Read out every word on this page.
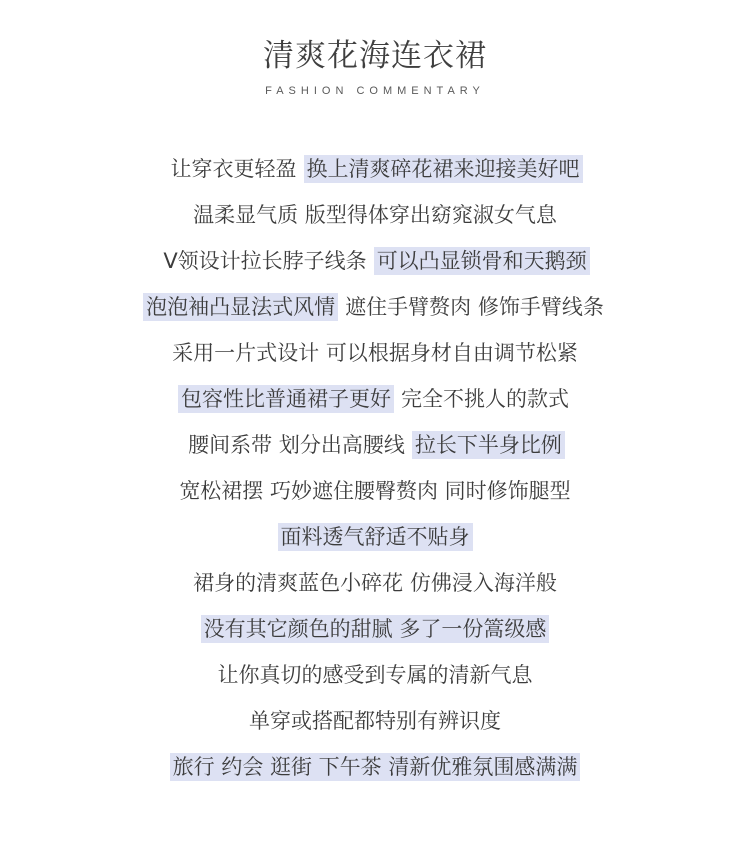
清爽花海连衣裙
FASHION COMMENTARY
让穿衣更轻盈 换上清爽碎花裙来迎接美好吧
温柔显气质 版型得体穿出窈窕淑女气息
V领设计拉长脖子线条 可以凸显锁骨和天鹅颈
泡泡袖凸显法式风情 遮住手臂赘肉 修饰手臂线条
采用一片式设计 可以根据身材自由调节松紧
包容性比普通裙子更好 完全不挑人的款式
腰间系带 划分出高腰线 拉长下半身比例
宽松裙摆 巧妙遮住腰臀赘肉 同时修饰腿型
面料透气舒适不贴身
裙身的清爽蓝色小碎花 仿佛浸入海洋般
没有其它颜色的甜腻 多了一份篙级感
让你真切的感受到专属的清新气息
单穿或搭配都特别有辨识度
旅行 约会 逛街 下午茶 清新优雅氛围感满满
